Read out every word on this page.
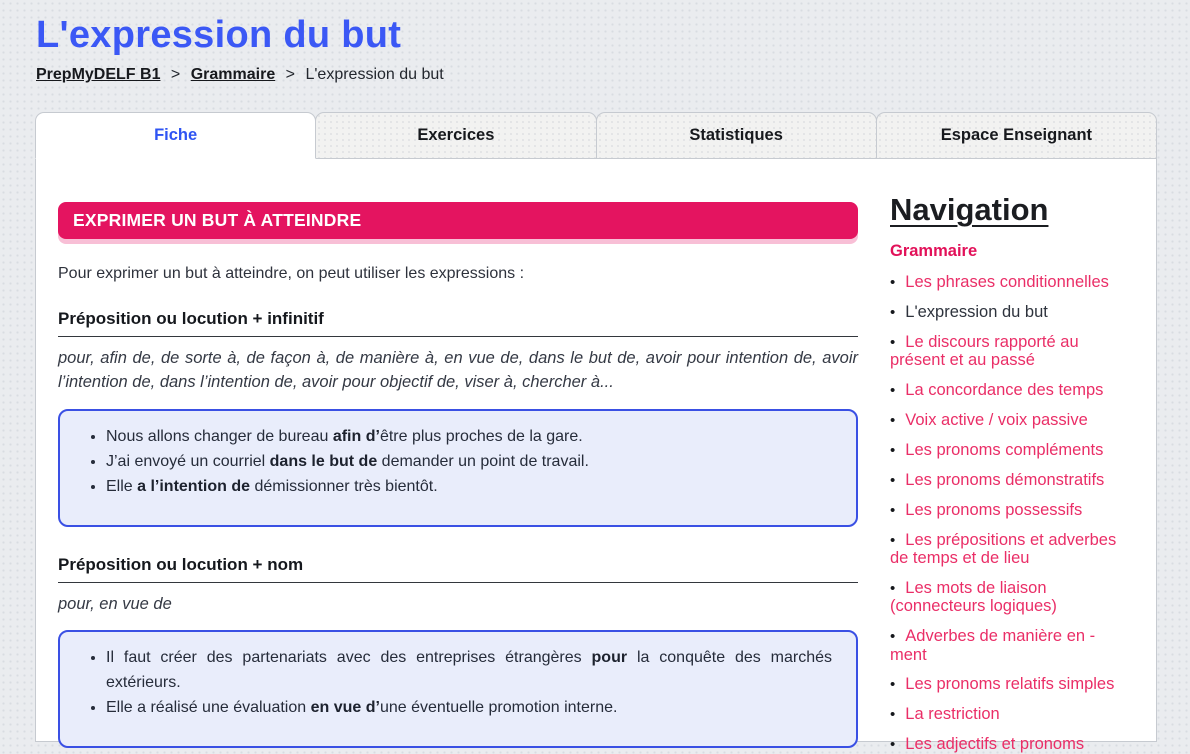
L'expression du but
PrepMyDELF B1 > Grammaire > L'expression du but
Fiche	Exercices	Statistiques	Espace Enseignant
EXPRIMER UN BUT À ATTEINDRE

Pour exprimer un but à atteindre, on peut utiliser les expressions :

Préposition ou locution + infinitif

pour, afin de, de sorte à, de façon à, de manière à, en vue de, dans le but de, avoir pour intention de, avoir l’intention de, dans l’intention de, avoir pour objectif de, viser à, chercher à...

• Nous allons changer de bureau afin d’être plus proches de la gare.
• J’ai envoyé un courriel dans le but de demander un point de travail.
• Elle a l’intention de démissionner très bientôt.
Préposition ou locution + nom

pour, en vue de

• Il faut créer des partenariats avec des entreprises étrangères pour la conquête des marchés extérieurs.
• Elle a réalisé une évaluation en vue d’une éventuelle promotion interne.
Navigation
Grammaire
• Les phrases conditionnelles
• L'expression du but
• Le discours rapporté au présent et au passé
• La concordance des temps
• Voix active / voix passive
• Les pronoms compléments
• Les pronoms démonstratifs
• Les pronoms possessifs
• Les prépositions et adverbes de temps et de lieu
• Les mots de liaison (connecteurs logiques)
• Adverbes de manière en -ment
• Les pronoms relatifs simples
• La restriction
• Les adjectifs et pronoms
